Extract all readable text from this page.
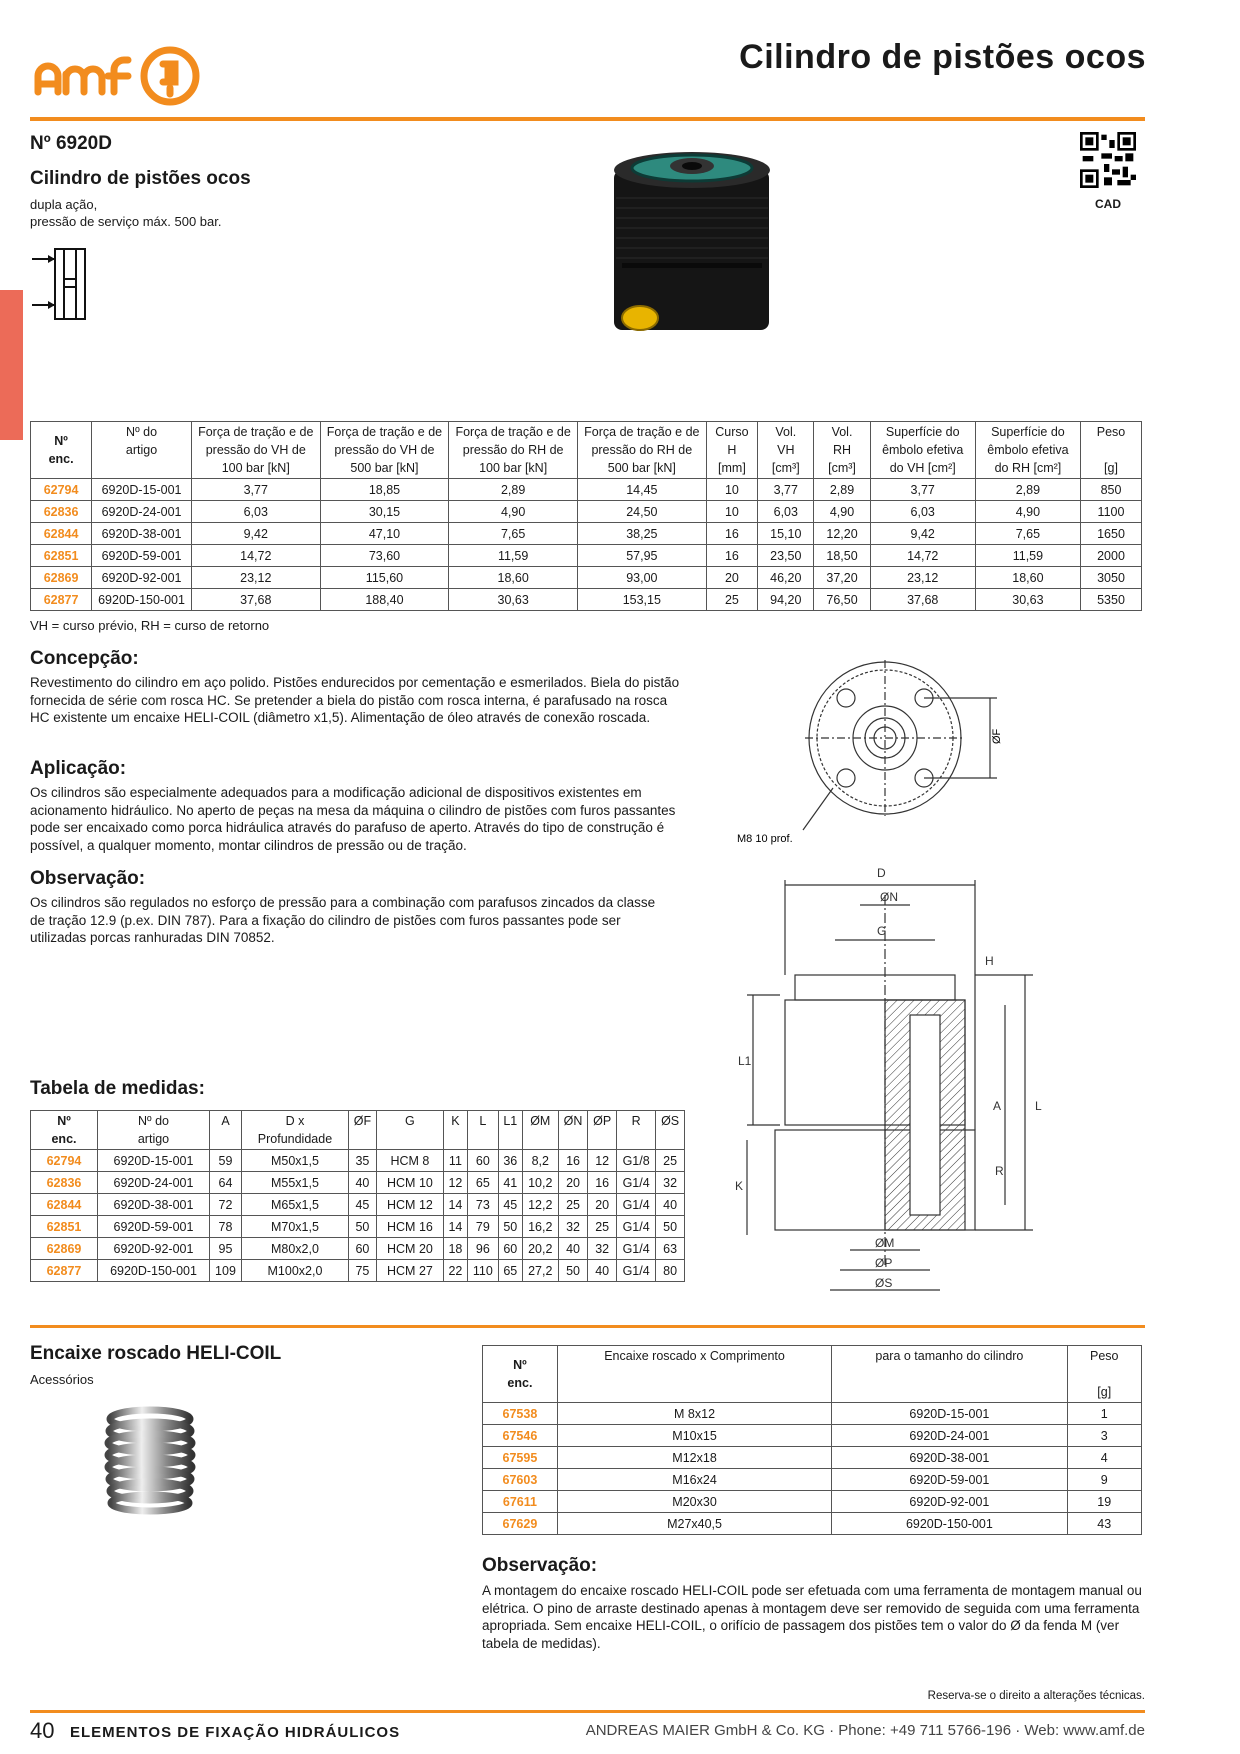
Cilindro de pistões ocos
Nº 6920D
Cilindro de pistões ocos
dupla ação,
pressão de serviço máx. 500 bar.
CAD
Nº
enc.	Nº do
artigo	Força de tração e de
pressão do VH de
100 bar [kN]	Força de tração e de
pressão do VH de
500 bar [kN]	Força de tração e de
pressão do RH de
100 bar [kN]	Força de tração e de
pressão do RH de
500 bar [kN]	Curso
H
[mm]	Vol.
VH
[cm³]	Vol.
RH
[cm³]	Superfície do
êmbolo efetiva
do VH [cm²]	Superfície do
êmbolo efetiva
do RH [cm²]	Peso

[g]
62794	6920D-15-001	3,77	18,85	2,89	14,45	10	3,77	2,89	3,77	2,89	850
62836	6920D-24-001	6,03	30,15	4,90	24,50	10	6,03	4,90	6,03	4,90	1100
62844	6920D-38-001	9,42	47,10	7,65	38,25	16	15,10	12,20	9,42	7,65	1650
62851	6920D-59-001	14,72	73,60	11,59	57,95	16	23,50	18,50	14,72	11,59	2000
62869	6920D-92-001	23,12	115,60	18,60	93,00	20	46,20	37,20	23,12	18,60	3050
62877	6920D-150-001	37,68	188,40	30,63	153,15	25	94,20	76,50	37,68	30,63	5350
VH = curso prévio, RH = curso de retorno
Concepção:
Revestimento do cilindro em aço polido. Pistões endurecidos por cementação e esmerilados. Biela do pistão fornecida de série com rosca HC. Se pretender a biela do pistão com rosca interna, é parafusado na rosca HC existente um encaixe HELI-COIL (diâmetro x1,5). Alimentação de óleo através de conexão roscada.
Aplicação:
Os cilindros são especialmente adequados para a modificação adicional de dispositivos existentes em acionamento hidráulico. No aperto de peças na mesa da máquina o cilindro de pistões com furos passantes pode ser encaixado como porca hidráulica através do parafuso de aperto. Através do tipo de construção é possível, a qualquer momento, montar cilindros de pressão ou de tração.
Observação:
Os cilindros são regulados no esforço de pressão para a combinação com parafusos zincados da classe de tração 12.9 (p.ex. DIN 787). Para a fixação do cilindro de pistões com furos passantes pode ser utilizadas porcas ranhuradas DIN 70852.
ØF
M8 10 prof.
D
ØN
G
H
L1
A	L
R
K
ØM
ØP
ØS
Tabela de medidas:
Nº
enc.	Nº do
artigo	A	D x
Profundidade	ØF	G	K	L	L1	ØM	ØN	ØP	R	ØS
62794	6920D-15-001	59	M50x1,5	35	HCM 8	11	60	36	8,2	16	12	G1/8	25
62836	6920D-24-001	64	M55x1,5	40	HCM 10	12	65	41	10,2	20	16	G1/4	32
62844	6920D-38-001	72	M65x1,5	45	HCM 12	14	73	45	12,2	25	20	G1/4	40
62851	6920D-59-001	78	M70x1,5	50	HCM 16	14	79	50	16,2	32	25	G1/4	50
62869	6920D-92-001	95	M80x2,0	60	HCM 20	18	96	60	20,2	40	32	G1/4	63
62877	6920D-150-001	109	M100x2,0	75	HCM 27	22	110	65	27,2	50	40	G1/4	80
Encaixe roscado HELI-COIL
Acessórios
Nº
enc.	Encaixe roscado x Comprimento	para o tamanho do cilindro	Peso

[g]
67538	M 8x12	6920D-15-001	1
67546	M10x15	6920D-24-001	3
67595	M12x18	6920D-38-001	4
67603	M16x24	6920D-59-001	9
67611	M20x30	6920D-92-001	19
67629	M27x40,5	6920D-150-001	43
Observação:
A montagem do encaixe roscado HELI-COIL pode ser efetuada com uma ferramenta de montagem manual ou elétrica. O pino de arraste destinado apenas à montagem deve ser removido de seguida com uma ferramenta apropriada. Sem encaixe HELI-COIL, o orifício de passagem dos pistões tem o valor do Ø da fenda M (ver tabela de medidas).
Reserva-se o direito a alterações técnicas.
40 ELEMENTOS DE FIXAÇÃO HIDRÁULICOS	ANDREAS MAIER GmbH & Co. KG · Phone: +49 711 5766-196 · Web: www.amf.de
